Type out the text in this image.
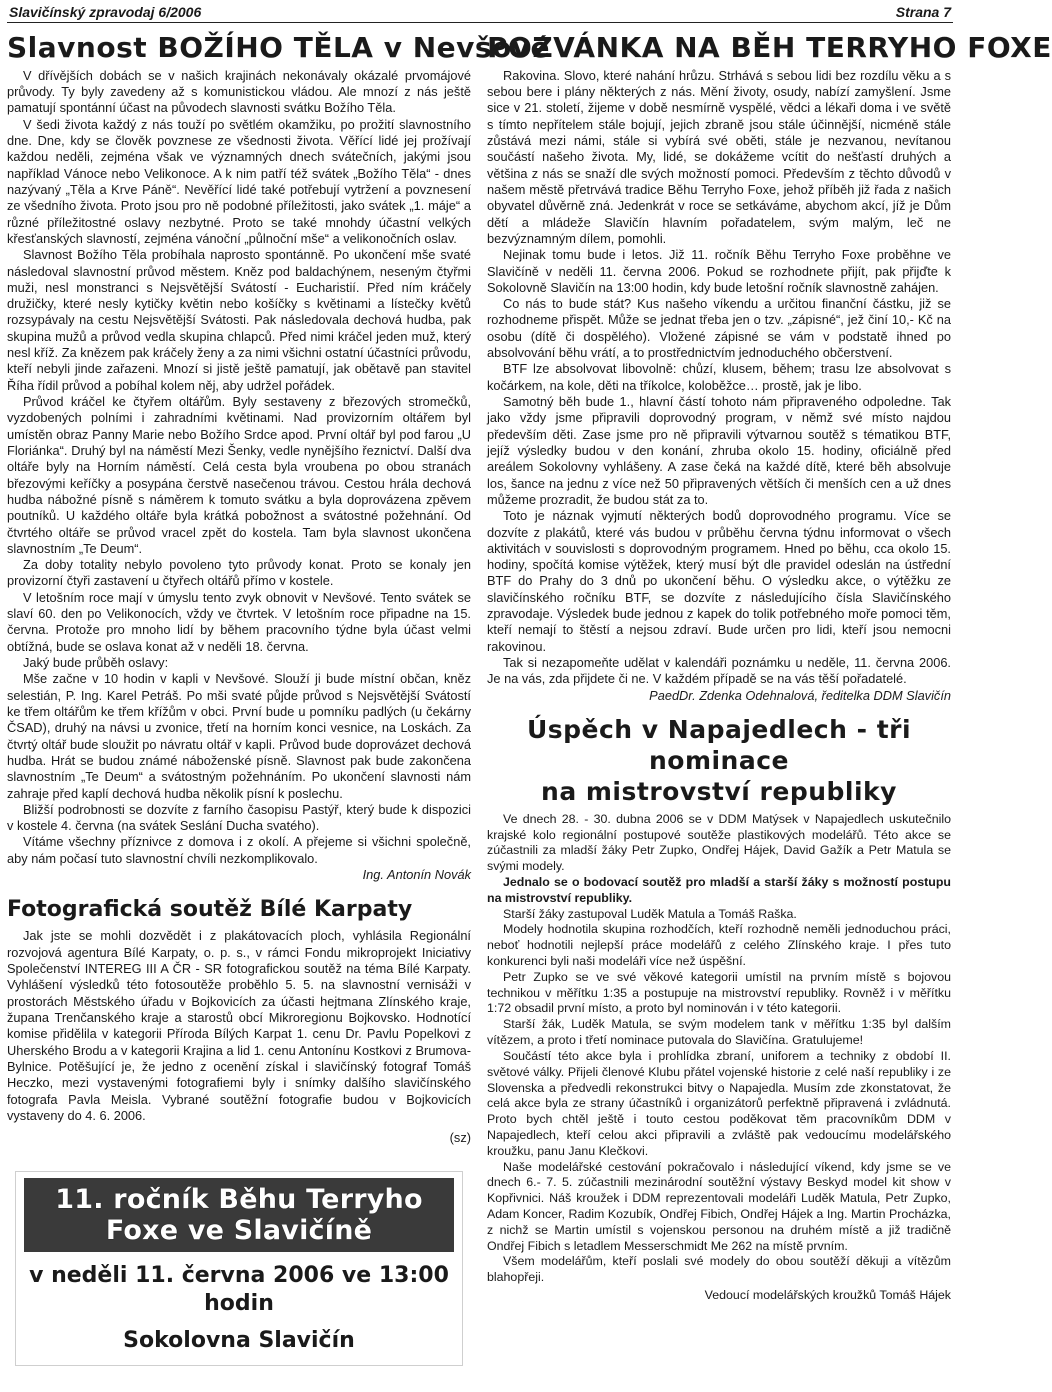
Slavičínský zpravodaj 6/2006	Strana 7
Slavnost BOŽÍHO TĚLA v Nevšové

V dřívějších dobách se v našich krajinách nekonávaly okázalé prvomájové průvody. Ty byly zavedeny až s komunistickou vládou. Ale mnozí z nás ještě pamatují spontánní účast na původech slavnosti svátku Božího Těla.

V šedi života každý z nás touží po světlém okamžiku, po prožití slavnostního dne. Dne, kdy se člověk povznese ze všednosti života. Věřící lidé jej prožívají každou neděli, zejména však ve významných dnech svátečních, jakými jsou například Vánoce nebo Velikonoce. A k nim patří též svátek „Božího Těla“ - dnes nazývaný „Těla a Krve Páně“. Nevěřící lidé také potřebují vytržení a povznesení ze všedního života. Proto jsou pro ně podobné příležitosti, jako svátek „1. máje“ a různé příležitostné oslavy nezbytné. Proto se také mnohdy účastní velkých křesťanských slavností, zejména vánoční „půlnoční mše“ a velikonočních oslav.

Slavnost Božího Těla probíhala naprosto spontánně. Po ukončení mše svaté následoval slavnostní průvod městem. Kněz pod baldachýnem, neseným čtyřmi muži, nesl monstranci s Nejsvětější Svátostí - Eucharistií. Před ním kráčely družičky, které nesly kytičky květin nebo košíčky s květinami a lístečky květů rozsypávaly na cestu Nejsvětější Svátosti. Pak následovala dechová hudba, pak skupina mužů a průvod vedla skupina chlapců. Před nimi kráčel jeden muž, který nesl kříž. Za knězem pak kráčely ženy a za nimi všichni ostatní účastníci průvodu, kteří nebyli jinde zařazeni. Mnozí si jistě ještě pamatují, jak obětavě pan stavitel Říha řídil průvod a pobíhal kolem něj, aby udržel pořádek.

Průvod kráčel ke čtyřem oltářům. Byly sestaveny z březových stromečků, vyzdobených polními i zahradními květinami. Nad provizorním oltářem byl umístěn obraz Panny Marie nebo Božího Srdce apod. První oltář byl pod farou „U Floriánka“. Druhý byl na náměstí Mezi Šenky, vedle nynějšího řeznictví. Další dva oltáře byly na Horním náměstí. Celá cesta byla vroubena po obou stranách březovými keříčky a posypána čerstvě nasečenou trávou. Cestou hrála dechová hudba nábožné písně s náměrem k tomuto svátku a byla doprovázena zpěvem poutníků. U každého oltáře byla krátká pobožnost a svátostné požehnání. Od čtvrtého oltáře se průvod vracel zpět do kostela. Tam byla slavnost ukončena slavnostním „Te Deum“.

Za doby totality nebylo povoleno tyto průvody konat. Proto se konaly jen provizorní čtyři zastavení u čtyřech oltářů přímo v kostele.

V letošním roce mají v úmyslu tento zvyk obnovit v Nevšové. Tento svátek se slaví 60. den po Velikonocích, vždy ve čtvrtek. V letošním roce připadne na 15. června. Protože pro mnoho lidí by během pracovního týdne byla účast velmi obtížná, bude se oslava konat až v neděli 18. června.

Jaký bude průběh oslavy:

Mše začne v 10 hodin v kapli v Nevšové. Slouží ji bude místní občan, kněz selestián, P. Ing. Karel Petráš. Po mši svaté půjde průvod s Nejsvětější Svátostí ke třem oltářům ke třem křížům v obci. První bude u pomníku padlých (u čekárny ČSAD), druhý na návsi u zvonice, třetí na horním konci vesnice, na Loskách. Za čtvrtý oltář bude sloužit po návratu oltář v kapli. Průvod bude doprovázet dechová hudba. Hrát se budou známé náboženské písně. Slavnost pak bude zakončena slavnostním „Te Deum“ a svátostným požehnáním. Po ukončení slavnosti nám zahraje před kaplí dechová hudba několik písní k poslechu.

Bližší podrobnosti se dozvíte z farního časopisu Pastýř, který bude k dispozici v kostele 4. června (na svátek Seslání Ducha svatého).

Vítáme všechny příznivce z domova i z okolí. A přejeme si všichni společně, aby nám počasí tuto slavnostní chvíli nezkomplikovalo.

Ing. Antonín Novák

Fotografická soutěž Bílé Karpaty

Jak jste se mohli dozvědět i z plakátovacích ploch, vyhlásila Regionální rozvojová agentura Bílé Karpaty, o. p. s., v rámci Fondu mikroprojekt Iniciativy Společenství INTEREG III A ČR - SR fotografickou soutěž na téma Bílé Karpaty. Vyhlášení výsledků této fotosoutěže proběhlo 5. 5. na slavnostní vernisáži v prostorách Městského úřadu v Bojkovicích za účasti hejtmana Zlínského kraje, župana Trenčanského kraje a starostů obcí Mikroregionu Bojkovsko. Hodnotící komise přidělila v kategorii Příroda Bílých Karpat 1. cenu Dr. Pavlu Popelkovi z Uherského Brodu a v kategorii Krajina a lid 1. cenu Antonínu Kostkovi z Brumova-Bylnice. Potěšující je, že jedno z ocenění získal i slavičínský fotograf Tomáš Heczko, mezi vystavenými fotografiemi byly i snímky dalšího slavičínského fotografa Pavla Meisla. Vybrané soutěžní fotografie budou v Bojkovicích vystaveny do 4. 6. 2006.

(sz)
11. ročník Běhu Terryho Foxe ve Slavičíně
v neděli 11. června 2006 ve 13:00 hodin
Sokolovna Slavičín
POZVÁNKA NA BĚH TERRYHO FOXE

Rakovina. Slovo, které nahání hrůzu. Strhává s sebou lidi bez rozdílu věku a s sebou bere i plány některých z nás. Mění životy, osudy, nabízí zamyšlení. Jsme sice v 21. století, žijeme v době nesmírně vyspělé, vědci a lékaři doma i ve světě s tímto nepřítelem stále bojují, jejich zbraně jsou stále účinnější, nicméně stále zůstává mezi námi, stále si vybírá své oběti, stále je nezvanou, nevítanou součástí našeho života. My, lidé, se dokážeme vcítit do nešťastí druhých a většina z nás se snaží dle svých možností pomoci. Především z těchto důvodů v našem městě přetrvává tradice Běhu Terryho Foxe, jehož příběh již řada z našich obyvatel důvěrně zná. Jedenkrát v roce se setkáváme, abychom akcí, jíž je Dům dětí a mládeže Slavičín hlavním pořadatelem, svým malým, leč ne bezvýznamným dílem, pomohli.

Nejinak tomu bude i letos. Již 11. ročník Běhu Terryho Foxe proběhne ve Slavičíně v neděli 11. června 2006. Pokud se rozhodnete přijít, pak přijďte k Sokolovně Slavičín na 13:00 hodin, kdy bude letošní ročník slavnostně zahájen.

Co nás to bude stát? Kus našeho víkendu a určitou finanční částku, již se rozhodneme přispět. Může se jednat třeba jen o tzv. „zápisné“, jež činí 10,- Kč na osobu (dítě či dospělého). Vložené zápisné se vám v podstatě ihned po absolvování běhu vrátí, a to prostřednictvím jednoduchého občerstvení.

BTF lze absolvovat libovolně: chůzí, klusem, během; trasu lze absolvovat s kočárkem, na kole, děti na tříkolce, koloběžce… prostě, jak je libo.

Samotný běh bude 1., hlavní částí tohoto nám připraveného odpoledne. Tak jako vždy jsme připravili doprovodný program, v němž své místo najdou především děti. Zase jsme pro ně připravili výtvarnou soutěž s tématikou BTF, jejíž výsledky budou v den konání, zhruba okolo 15. hodiny, oficiálně před areálem Sokolovny vyhlášeny. A zase čeká na každé dítě, které běh absolvuje los, šance na jednu z více než 50 připravených větších či menších cen a už dnes můžeme prozradit, že budou stát za to.

Toto je náznak vyjmutí některých bodů doprovodného programu. Více se dozvíte z plakátů, které vás budou v průběhu června týdnu informovat o všech aktivitách v souvislosti s doprovodným programem. Hned po běhu, cca okolo 15. hodiny, spočítá komise výtěžek, který musí být dle pravidel odeslán na ústřední BTF do Prahy do 3 dnů po ukončení běhu. O výsledku akce, o výtěžku ze slavičínského ročníku BTF, se dozvíte z následujícího čísla Slavičínského zpravodaje. Výsledek bude jednou z kapek do tolik potřebného moře pomoci těm, kteří nemají to štěstí a nejsou zdraví. Bude určen pro lidi, kteří jsou nemocni rakovinou.

Tak si nezapomeňte udělat v kalendáři poznámku u neděle, 11. června 2006. Je na vás, zda přijdete či ne. V každém případě se na vás těší pořadatelé.

PaedDr. Zdenka Odehnalová, ředitelka DDM Slavičín

Úspěch v Napajedlech - tři nominace
na mistrovství republiky

Ve dnech 28. - 30. dubna 2006 se v DDM Matýsek v Napajedlech uskutečnilo krajské kolo regionální postupové soutěže plastikových modelářů. Této akce se zúčastnili za mladší žáky Petr Zupko, Ondřej Hájek, David Gažík a Petr Matula se svými modely.

Jednalo se o bodovací soutěž pro mladší a starší žáky s možností postupu na mistrovství republiky.

Starší žáky zastupoval Luděk Matula a Tomáš Raška.

Modely hodnotila skupina rozhodčích, kteří rozhodně neměli jednoduchou práci, neboť hodnotili nejlepší práce modelářů z celého Zlínského kraje. I přes tuto konkurenci byli naši modeláři více než úspěšní.

Petr Zupko se ve své věkové kategorii umístil na prvním místě s bojovou technikou v měřítku 1:35 a postupuje na mistrovství republiky. Rovněž i v měřítku 1:72 obsadil první místo, a proto byl nominován i v této kategorii.

Starší žák, Luděk Matula, se svým modelem tank v měřítku 1:35 byl dalším vítězem, a proto i třetí nominace putovala do Slavičína. Gratulujeme!

Součástí této akce byla i prohlídka zbraní, uniforem a techniky z období II. světové války. Přijeli členové Klubu přátel vojenské historie z celé naší republiky i ze Slovenska a předvedli rekonstrukci bitvy o Napajedla. Musím zde zkonstatovat, že celá akce byla ze strany účastníků i organizátorů perfektně připravená i zvládnutá. Proto bych chtěl ještě i touto cestou poděkovat těm pracovníkům DDM v Napajedlech, kteří celou akci připravili a zvláště pak vedoucímu modelářského kroužku, panu Janu Klečkovi.

Naše modelářské cestování pokračovalo i následující víkend, kdy jsme se ve dnech 6.- 7. 5. zúčastnili mezinárodní soutěžní výstavy Beskyd model kit show v Kopřivnici. Náš kroužek i DDM reprezentovali modeláři Luděk Matula, Petr Zupko, Adam Koncer, Radim Kozubík, Ondřej Fibich, Ondřej Hájek a Ing. Martin Procházka, z nichž se Martin umístil s vojenskou personou na druhém místě a již tradičně Ondřej Fibich s letadlem Messerschmidt Me 262 na místě prvním.

Všem modelářům, kteří poslali své modely do obou soutěží děkuji a vítězům blahopřeji.

Vedoucí modelářských kroužků Tomáš Hájek
